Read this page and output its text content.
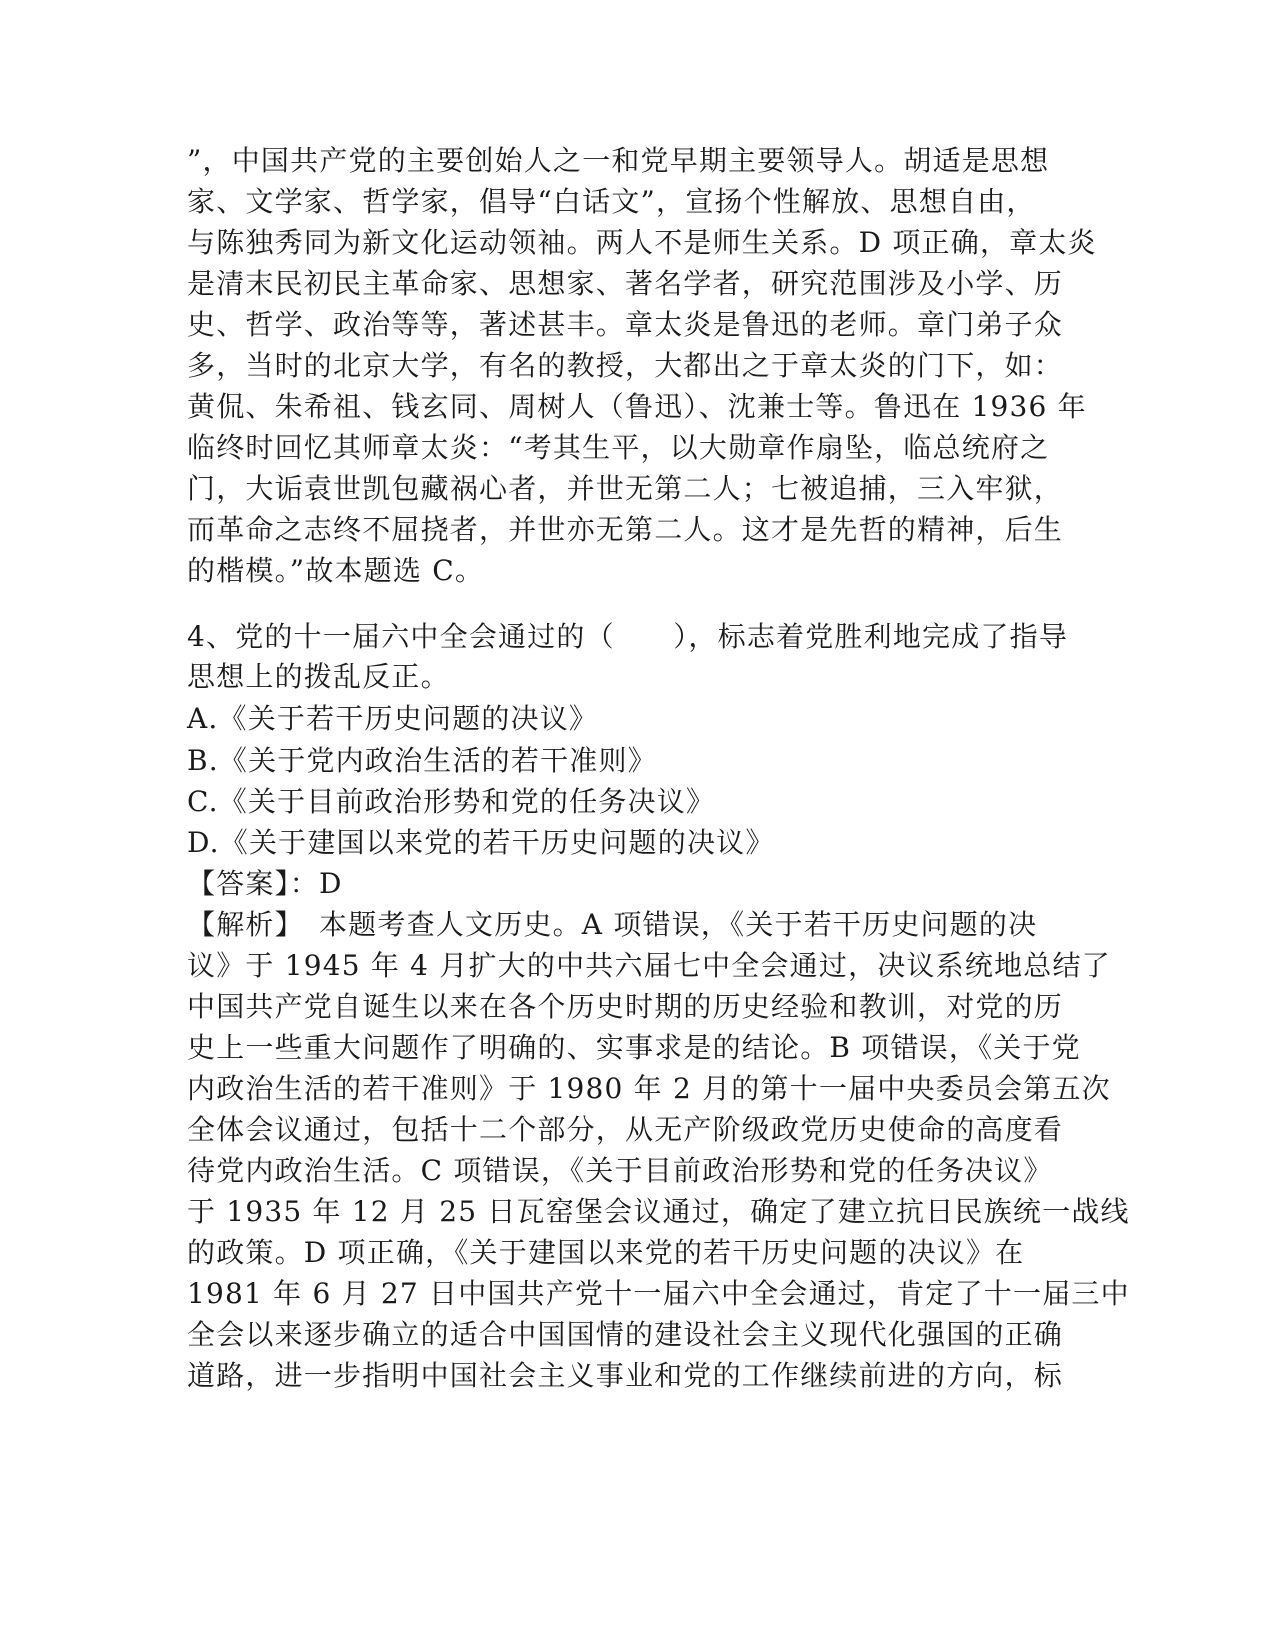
”，中国共产党的主要创始人之一和党早期主要领导人。胡适是思想
家、文学家、哲学家，倡导“白话文”，宣扬个性解放、思想自由，
与陈独秀同为新文化运动领袖。两人不是师生关系。D 项正确，章太炎
是清末民初民主革命家、思想家、著名学者，研究范围涉及小学、历
史、哲学、政治等等，著述甚丰。章太炎是鲁迅的老师。章门弟子众
多，当时的北京大学，有名的教授，大都出之于章太炎的门下，如：
黄侃、朱希祖、钱玄同、周树人（鲁迅）、沈兼士等。鲁迅在 1936 年
临终时回忆其师章太炎：“考其生平，以大勋章作扇坠，临总统府之
门，大诟袁世凯包藏祸心者，并世无第二人；七被追捕，三入牢狱，
而革命之志终不屈挠者，并世亦无第二人。这才是先哲的精神，后生
的楷模。”故本题选 C。
4、党的十一届六中全会通过的（　　），标志着党胜利地完成了指导
思想上的拨乱反正。
A.《关于若干历史问题的决议》
B.《关于党内政治生活的若干准则》
C.《关于目前政治形势和党的任务决议》
D.《关于建国以来党的若干历史问题的决议》
【答案】：D
【解析】　本题考查人文历史。A 项错误，《关于若干历史问题的决
议》于 1945 年 4 月扩大的中共六届七中全会通过，决议系统地总结了
中国共产党自诞生以来在各个历史时期的历史经验和教训，对党的历
史上一些重大问题作了明确的、实事求是的结论。B 项错误，《关于党
内政治生活的若干准则》于 1980 年 2 月的第十一届中央委员会第五次
全体会议通过，包括十二个部分，从无产阶级政党历史使命的高度看
待党内政治生活。C 项错误，《关于目前政治形势和党的任务决议》
于 1935 年 12 月 25 日瓦窑堡会议通过，确定了建立抗日民族统一战线
的政策。D 项正确，《关于建国以来党的若干历史问题的决议》在
1981 年 6 月 27 日中国共产党十一届六中全会通过，肯定了十一届三中
全会以来逐步确立的适合中国国情的建设社会主义现代化强国的正确
道路，进一步指明中国社会主义事业和党的工作继续前进的方向，标
